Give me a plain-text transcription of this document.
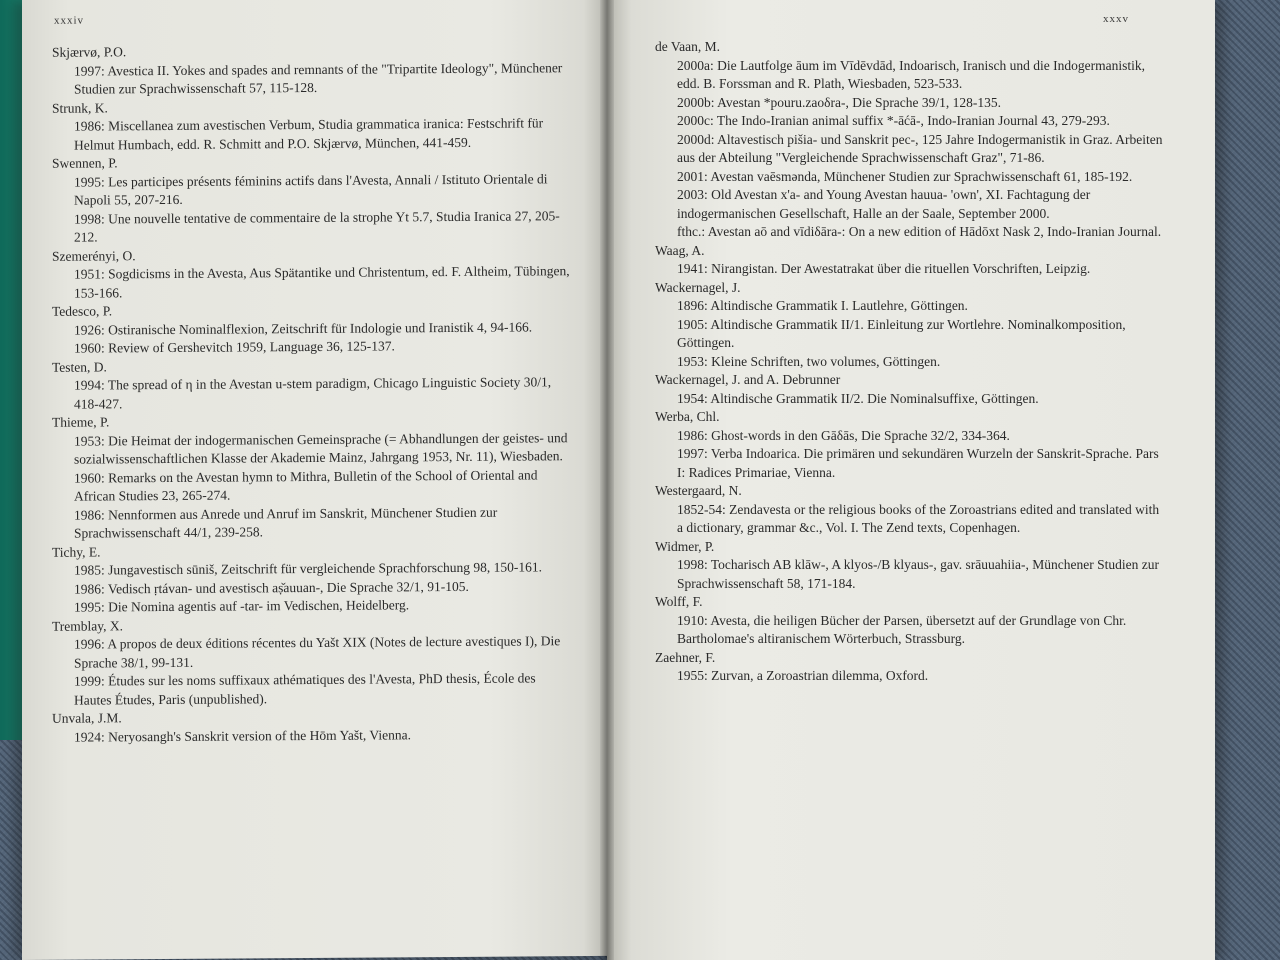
xxxiv
Skjærvø, P.O.
1997: Avestica II. Yokes and spades and remnants of the "Tripartite Ideology", Münchener Studien zur Sprachwissenschaft 57, 115-128.
Strunk, K.
1986: Miscellanea zum avestischen Verbum, Studia grammatica iranica: Festschrift für Helmut Humbach, edd. R. Schmitt and P.O. Skjærvø, München, 441-459.
Swennen, P.
1995: Les participes présents féminins actifs dans l'Avesta, Annali / Istituto Orientale di Napoli 55, 207-216.
1998: Une nouvelle tentative de commentaire de la strophe Yt 5.7, Studia Iranica 27, 205-212.
Szemerényi, O.
1951: Sogdicisms in the Avesta, Aus Spätantike und Christentum, ed. F. Altheim, Tübingen, 153-166.
Tedesco, P.
1926: Ostiranische Nominalflexion, Zeitschrift für Indologie und Iranistik 4, 94-166.
1960: Review of Gershevitch 1959, Language 36, 125-137.
Testen, D.
1994: The spread of η in the Avestan u-stem paradigm, Chicago Linguistic Society 30/1, 418-427.
Thieme, P.
1953: Die Heimat der indogermanischen Gemeinsprache (= Abhandlungen der geistes- und sozialwissenschaftlichen Klasse der Akademie Mainz, Jahrgang 1953, Nr. 11), Wiesbaden.
1960: Remarks on the Avestan hymn to Mithra, Bulletin of the School of Oriental and African Studies 23, 265-274.
1986: Nennformen aus Anrede und Anruf im Sanskrit, Münchener Studien zur Sprachwissenschaft 44/1, 239-258.
Tichy, E.
1985: Jungavestisch sūniš, Zeitschrift für vergleichende Sprachforschung 98, 150-161.
1986: Vedisch ṛtávan- und avestisch aṣ̌auuan-, Die Sprache 32/1, 91-105.
1995: Die Nomina agentis auf -tar- im Vedischen, Heidelberg.
Tremblay, X.
1996: A propos de deux éditions récentes du Yašt XIX (Notes de lecture avestiques I), Die Sprache 38/1, 99-131.
1999: Études sur les noms suffixaux athématiques des l'Avesta, PhD thesis, École des Hautes Études, Paris (unpublished).
Unvala, J.M.
1924: Neryosangh's Sanskrit version of the Hōm Yašt, Vienna.
xxxv
de Vaan, M.
2000a: Die Lautfolge āum im Vīdēvdād, Indoarisch, Iranisch und die Indogermanistik, edd. B. Forssman and R. Plath, Wiesbaden, 523-533.
2000b: Avestan *pouru.zaoδra-, Die Sprache 39/1, 128-135.
2000c: The Indo-Iranian animal suffix *-āćā-, Indo-Iranian Journal 43, 279-293.
2000d: Altavestisch pišia- und Sanskrit pec-, 125 Jahre Indogermanistik in Graz. Arbeiten aus der Abteilung "Vergleichende Sprachwissenschaft Graz", 71-86.
2001: Avestan vaēsmənda, Münchener Studien zur Sprachwissenschaft 61, 185-192.
2003: Old Avestan x'a- and Young Avestan hauua- 'own', XI. Fachtagung der indogermanischen Gesellschaft, Halle an der Saale, September 2000.
fthc.: Avestan aō and vīdiδāra-: On a new edition of Hādōxt Nask 2, Indo-Iranian Journal.
Waag, A.
1941: Nirangistan. Der Awestatrakat über die rituellen Vorschriften, Leipzig.
Wackernagel, J.
1896: Altindische Grammatik I. Lautlehre, Göttingen.
1905: Altindische Grammatik II/1. Einleitung zur Wortlehre. Nominalkomposition, Göttingen.
1953: Kleine Schriften, two volumes, Göttingen.
Wackernagel, J. and A. Debrunner
1954: Altindische Grammatik II/2. Die Nominalsuffixe, Göttingen.
Werba, Chl.
1986: Ghost-words in den Gāδās, Die Sprache 32/2, 334-364.
1997: Verba Indoarica. Die primären und sekundären Wurzeln der Sanskrit-Sprache. Pars I: Radices Primariae, Vienna.
Westergaard, N.
1852-54: Zendavesta or the religious books of the Zoroastrians edited and translated with a dictionary, grammar &c., Vol. I. The Zend texts, Copenhagen.
Widmer, P.
1998: Tocharisch AB klāw-, A klyos-/B klyaus-, gav. srāuuahiia-, Münchener Studien zur Sprachwissenschaft 58, 171-184.
Wolff, F.
1910: Avesta, die heiligen Bücher der Parsen, übersetzt auf der Grundlage von Chr. Bartholomae's altiranischem Wörterbuch, Strassburg.
Zaehner, F.
1955: Zurvan, a Zoroastrian dilemma, Oxford.
